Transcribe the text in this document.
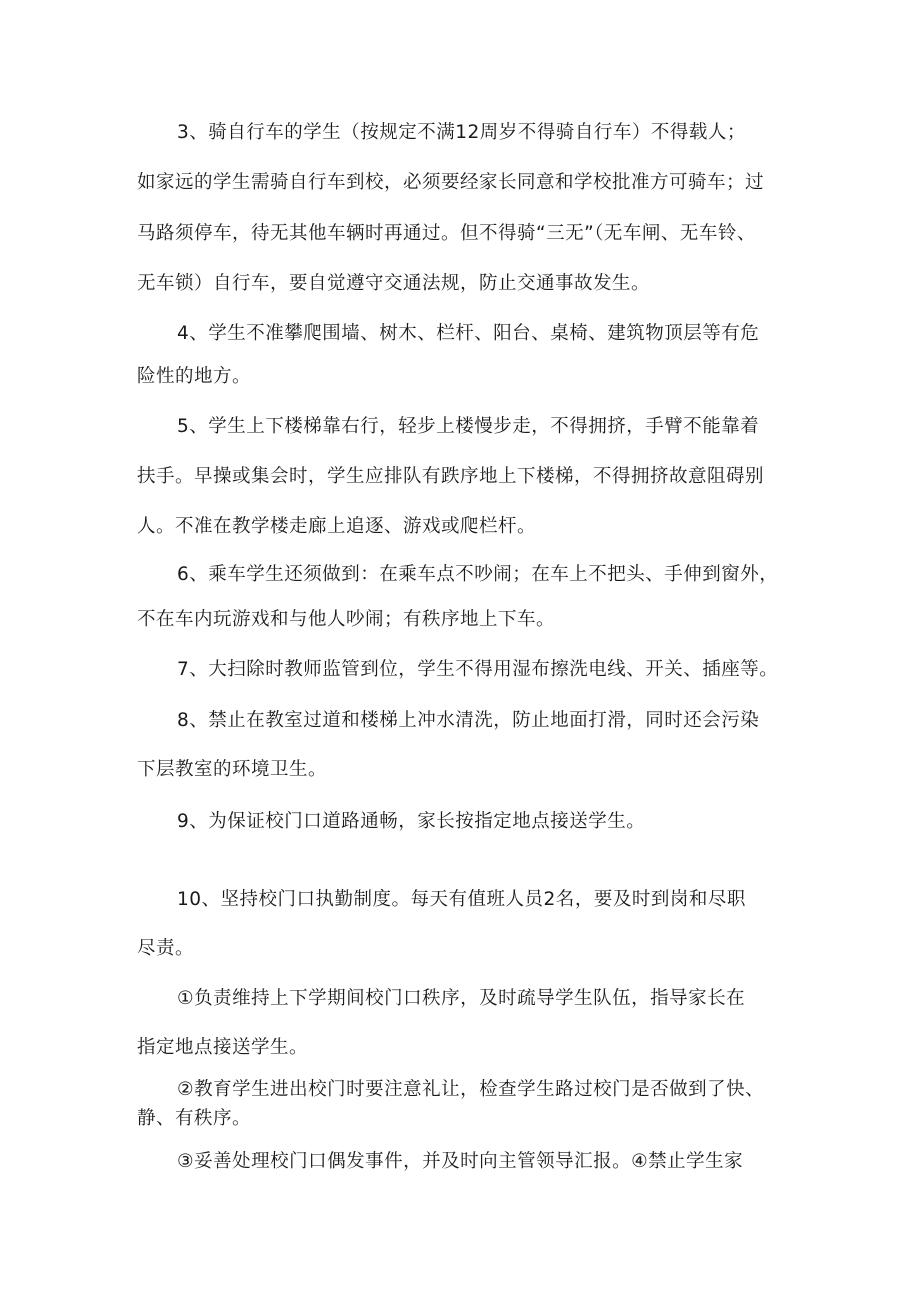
3、骑自行车的学生（按规定不满12周岁不得骑自行车）不得载人；
如家远的学生需骑自行车到校，必须要经家长同意和学校批准方可骑车；过
马路须停车，待无其他车辆时再通过。但不得骑“三无”（无车闸、无车铃、
无车锁）自行车，要自觉遵守交通法规，防止交通事故发生。
4、学生不准攀爬围墙、树木、栏杆、阳台、桌椅、建筑物顶层等有危
险性的地方。
5、学生上下楼梯靠右行，轻步上楼慢步走，不得拥挤，手臂不能靠着
扶手。早操或集会时，学生应排队有跌序地上下楼梯，不得拥挤故意阻碍别
人。不准在教学楼走廊上追逐、游戏或爬栏杆。
6、乘车学生还须做到：在乘车点不吵闹；在车上不把头、手伸到窗外，
不在车内玩游戏和与他人吵闹；有秩序地上下车。
7、大扫除时教师监管到位，学生不得用湿布擦洗电线、开关、插座等。
8、禁止在教室过道和楼梯上冲水清洗，防止地面打滑，同时还会污染
下层教室的环境卫生。
9、为保证校门口道路通畅，家长按指定地点接送学生。
10、坚持校门口执勤制度。每天有值班人员2名，要及时到岗和尽职
尽责。
①负责维持上下学期间校门口秩序，及时疏导学生队伍，指导家长在
指定地点接送学生。
②教育学生进出校门时要注意礼让，检查学生路过校门是否做到了快、
静、有秩序。
③妥善处理校门口偶发事件，并及时向主管领导汇报。④禁止学生家
